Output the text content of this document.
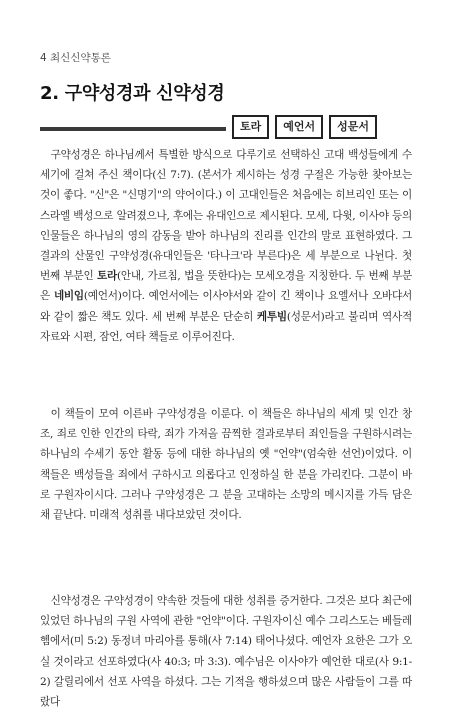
4 최신신약통론
2. 구약성경과 신약성경
토라	예언서	성문서

구약성경은 하나님께서 특별한 방식으로 다루기로 선택하신 고대 백성들에게 수세기에 걸쳐 주신 책이다(신 7:7). (본서가 제시하는 성경 구절은 가능한 찾아보는 것이 좋다. "신"은 "신명기"의 약어이다.) 이 고대인들은 처음에는 히브리인 또는 이스라엘 백성으로 알려졌으나, 후에는 유대인으로 제시된다. 모세, 다윗, 이사야 등의 인물들은 하나님의 영의 감동을 받아 하나님의 진리를 인간의 말로 표현하였다. 그 결과의 산물인 구약성경(유대인들은 '타나크'라 부른다)은 세 부분으로 나뉜다. 첫 번째 부분인 토라(안내, 가르침, 법을 뜻한다)는 모세오경을 지칭한다. 두 번째 부분은 네비임(예언서)이다. 예언서에는 이사야서와 같이 긴 책이나 요엘서나 오바댜서와 같이 짧은 책도 있다. 세 번째 부분은 단순히 케투빔(성문서)라고 불리며 역사적 자료와 시편, 잠언, 여타 책들로 이루어진다.

이 책들이 모여 이른바 구약성경을 이룬다. 이 책들은 하나님의 세계 및 인간 창조, 죄로 인한 인간의 타락, 죄가 가져올 끔찍한 결과로부터 죄인들을 구원하시려는 하나님의 수세기 동안 활동 등에 대한 하나님의 옛 "언약"(엄숙한 선언)이었다. 이 책들은 백성들을 죄에서 구하시고 의롭다고 인정하실 한 분을 가리킨다. 그분이 바로 구원자이시다. 그러나 구약성경은 그 분을 고대하는 소망의 메시지를 가득 담은 채 끝난다. 미래적 성취를 내다보았던 것이다.

신약성경은 구약성경이 약속한 것들에 대한 성취를 증거한다. 그것은 보다 최근에 있었던 하나님의 구원 사역에 관한 "언약"이다. 구원자이신 예수 그리스도는 베들레헴에서(미 5:2) 동정녀 마리아를 통해(사 7:14) 태어나셨다. 예언자 요한은 그가 오실 것이라고 선포하였다(사 40:3; 마 3:3). 예수님은 이사야가 예언한 대로(사 9:1-2) 갈릴리에서 선포 사역을 하셨다. 그는 기적을 행하셨으며 많은 사람들이 그를 따랐다
